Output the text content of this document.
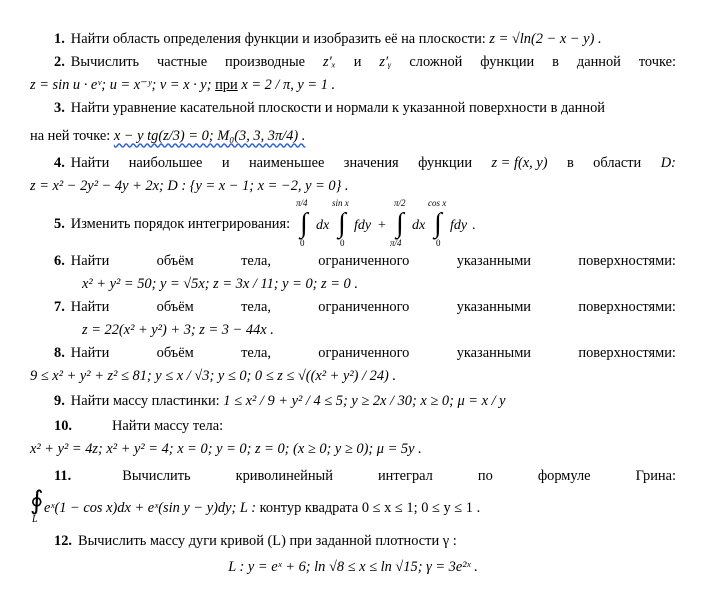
1. Найти область определения функции и изобразить её на плоскости: z = √ln(2 − x − y) .
2. Вычислить частные производные z′ₓ и z′ᵧ сложной функции в данной точке:
z = sin u · eᵛ; u = x⁻ʸ; v = x · y; при x = 2 / π, y = 1 .
3. Найти уравнение касательной плоскости и нормали к указанной поверхности в данной
на ней точке:
x − y tg(z/3) = 0; M₀(3, 3, 3π/4) .
4. Найти наибольшее и наименьшее значения функции z = f(x, y) в области D:
z = x² − 2y² − 4y + 2x; D : {y = x − 1; x = −2, y = 0} .
5. Изменить порядок интегрирования:
∫
π/4
0
dx ∫
sin x
0
fdy + ∫
π/2
π/4
dx ∫
cos x
0
fdy .
6. Найти	объём	тела,	ограниченного	указанными	поверхностями:
x² + y² = 50; y = √5x; z = 3x / 11; y = 0; z = 0 .
7. Найти	объём	тела,	ограниченного	указанными	поверхностями:
z = 22(x² + y²) + 3; z = 3 − 44x .
8. Найти	объём	тела,	ограниченного	указанными	поверхностями:
9 ≤ x² + y² + z² ≤ 81; y ≤ x / √3; y ≤ 0; 0 ≤ z ≤ √((x² + y²) / 24) .
9. Найти массу пластинки: 1 ≤ x² / 9 + y² / 4 ≤ 5; y ≥ 2x / 30; x ≥ 0; μ = x / y
10.	Найти массу тела:
x² + y² = 4z; x² + y² = 4; x = 0; y = 0; z = 0; (x ≥ 0; y ≥ 0); μ = 5y .
11.	Вычислить	криволинейный	интеграл	по	формуле	Грина:
∮
L
eˣ(1 − cos x)dx + eˣ(sin y − y)dy; L :
контур квадрата 0 ≤ x ≤ 1; 0 ≤ y ≤ 1 .
12. Вычислить массу дуги кривой (L) при заданной плотности γ :
L : y = eˣ + 6; ln √8 ≤ x ≤ ln √15; γ = 3e²ˣ .
